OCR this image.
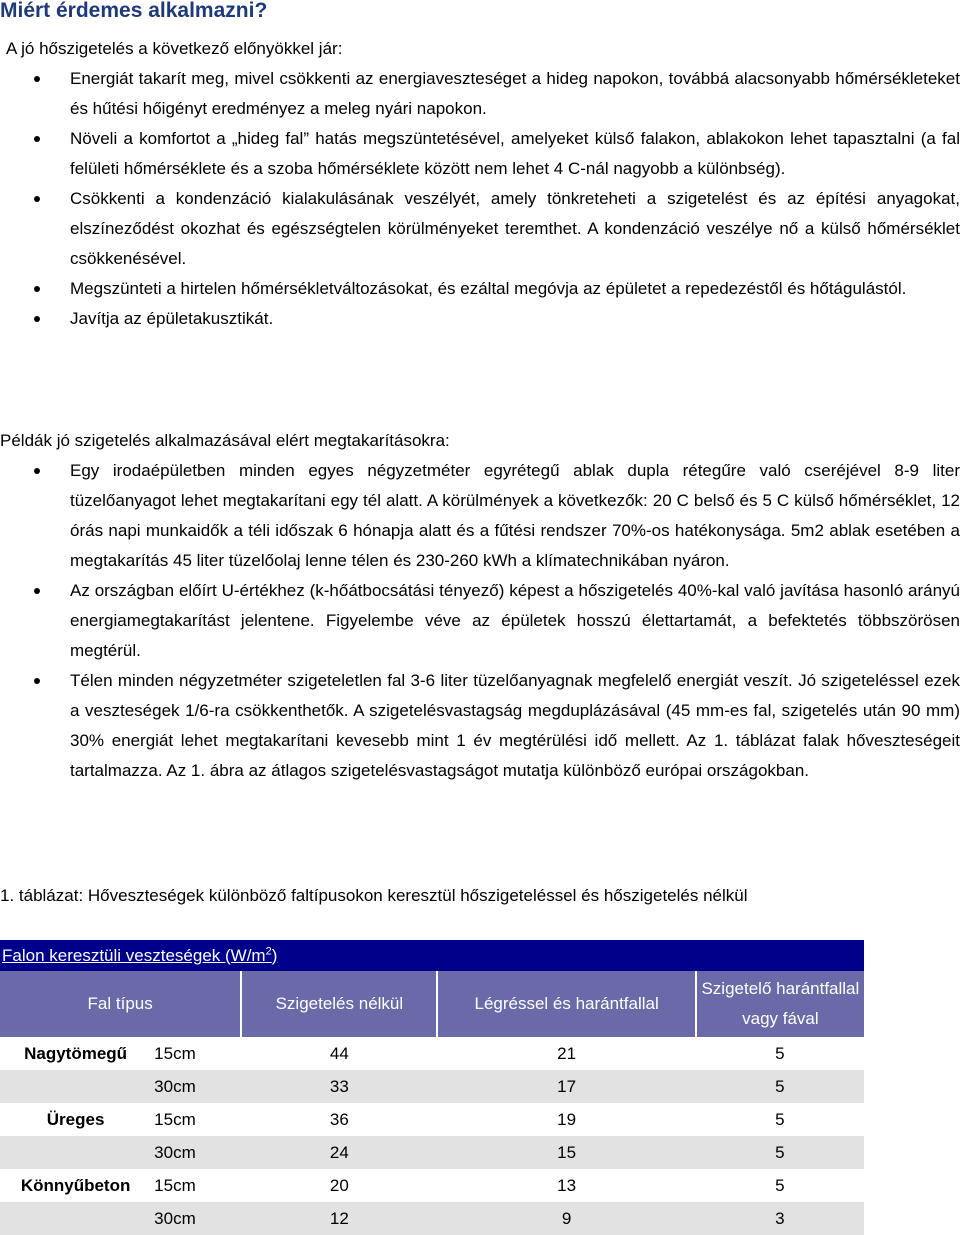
Miért érdemes alkalmazni?
A jó hőszigetelés a következő előnyökkel jár:
Energiát takarít meg, mivel csökkenti az energiaveszteséget a hideg napokon, továbbá alacsonyabb hőmérsékleteket és hűtési hőigényt eredményez a meleg nyári napokon.
Növeli a komfortot a „hideg fal” hatás megszüntetésével, amelyeket külső falakon, ablakokon lehet tapasztalni (a fal felületi hőmérséklete és a szoba hőmérséklete között nem lehet 4 C-nál nagyobb a különbség).
Csökkenti a kondenzáció kialakulásának veszélyét, amely tönkreteheti a szigetelést és az építési anyagokat, elszíneződést okozhat és egészségtelen körülményeket teremthet. A kondenzáció veszélye nő a külső hőmérséklet csökkenésével.
Megszünteti a hirtelen hőmérsékletváltozásokat, és ezáltal megóvja az épületet a repedezéstől és hőtágulástól.
Javítja az épületakusztikát.
Példák jó szigetelés alkalmazásával elért megtakarításokra:
Egy irodaépületben minden egyes négyzetméter egyrétegű ablak dupla rétegűre való cseréjével 8-9 liter tüzelőanyagot lehet megtakarítani egy tél alatt. A körülmények a következők: 20 C belső és 5 C külső hőmérséklet, 12 órás napi munkaidők a téli időszak 6 hónapja alatt és a fűtési rendszer 70%-os hatékonysága. 5m2 ablak esetében a megtakarítás 45 liter tüzelőolaj lenne télen és 230-260 kWh a klímatechnikában nyáron.
Az országban előírt U-értékhez (k-hőátbocsátási tényező) képest a hőszigetelés 40%-kal való javítása hasonló arányú energiamegtakarítást jelentene. Figyelembe véve az épületek hosszú élettartamát, a befektetés többszörösen megtérül.
Télen minden négyzetméter szigeteletlen fal 3-6 liter tüzelőanyagnak megfelelő energiát veszít. Jó szigeteléssel ezek a veszteségek 1/6-ra csökkenthetők. A szigetelésvastagság megduplázásával (45 mm-es fal, szigetelés után 90 mm) 30% energiát lehet megtakarítani kevesebb mint 1 év megtérülési idő mellett. Az 1. táblázat falak hőveszteségeit tartalmazza. Az 1. ábra az átlagos szigetelésvastagságot mutatja különböző európai országokban.
1. táblázat: Hőveszteségek különböző faltípusokon keresztül hőszigeteléssel és hőszigetelés nélkül
Falon keresztüli veszteségek $(W/m^2)$				
Fal típus		Szigetelés nélkül	Légréssel és harántfallal	Szigetelő harántfallal vagy fával
Nagytömegű	15cm	44	21	5
	30cm	33	17	5
Üreges	15cm	36	19	5
	30cm	24	15	5
Könnyűbeton	15cm	20	13	5
	30cm	12	9	3
